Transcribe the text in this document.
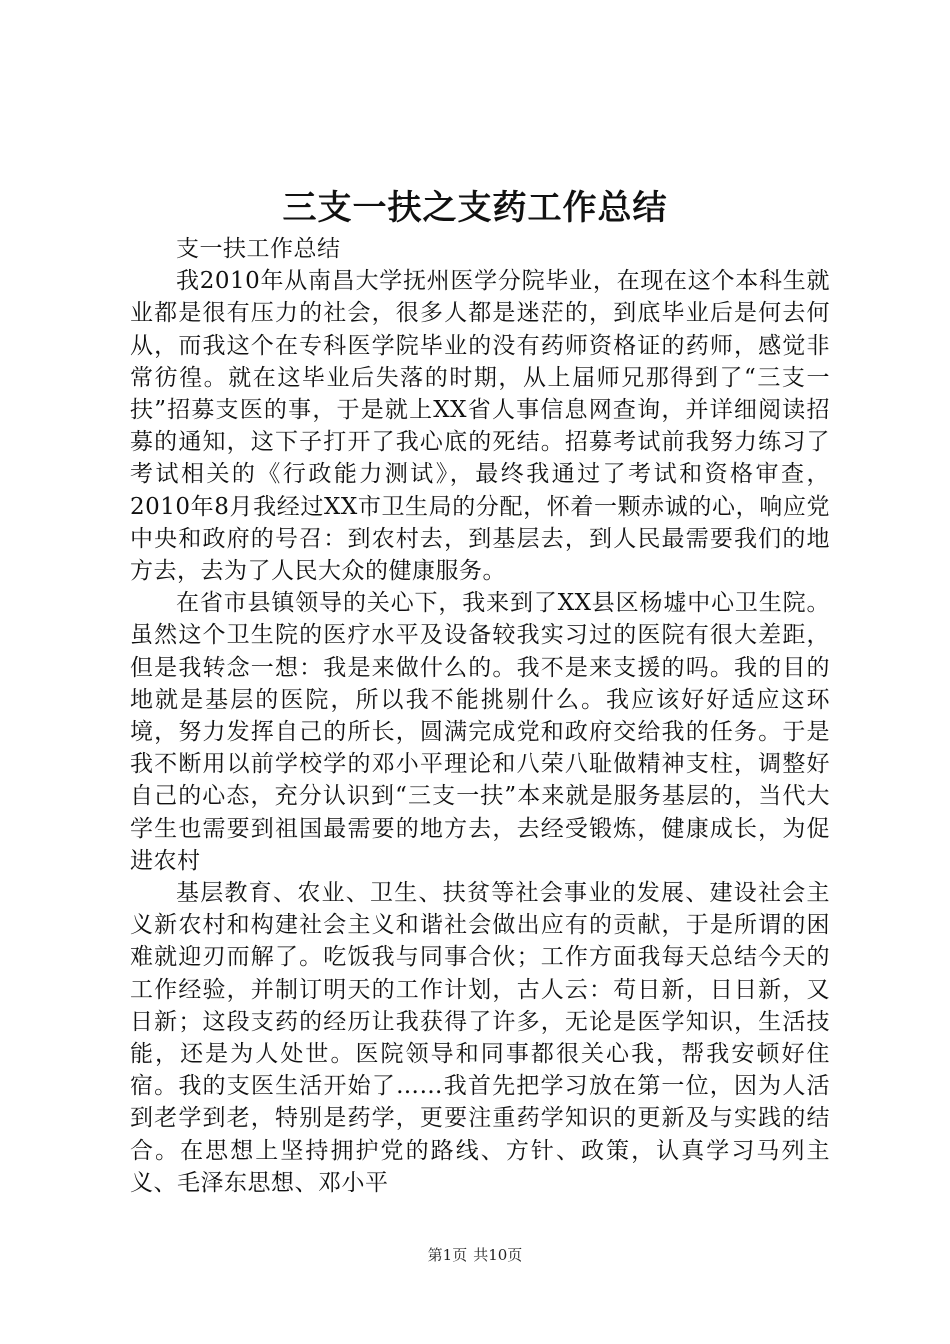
三支一扶之支药工作总结

支一扶工作总结

我2010年从南昌大学抚州医学分院毕业，在现在这个本科生就业都是很有压力的社会，很多人都是迷茫的，到底毕业后是何去何从，而我这个在专科医学院毕业的没有药师资格证的药师，感觉非常彷徨。就在这毕业后失落的时期，从上届师兄那得到了“三支一扶”招募支医的事，于是就上XX省人事信息网查询，并详细阅读招募的通知，这下子打开了我心底的死结。招募考试前我努力练习了考试相关的《行政能力测试》，最终我通过了考试和资格审查，2010年8月我经过XX市卫生局的分配，怀着一颗赤诚的心，响应党中央和政府的号召：到农村去，到基层去，到人民最需要我们的地方去，去为了人民大众的健康服务。

在省市县镇领导的关心下，我来到了XX县区杨墟中心卫生院。虽然这个卫生院的医疗水平及设备较我实习过的医院有很大差距，但是我转念一想：我是来做什么的。我不是来支援的吗。我的目的地就是基层的医院，所以我不能挑剔什么。我应该好好适应这环境，努力发挥自己的所长，圆满完成党和政府交给我的任务。于是我不断用以前学校学的邓小平理论和八荣八耻做精神支柱，调整好自己的心态，充分认识到“三支一扶”本来就是服务基层的，当代大学生也需要到祖国最需要的地方去，去经受锻炼，健康成长，为促进农村

基层教育、农业、卫生、扶贫等社会事业的发展、建设社会主义新农村和构建社会主义和谐社会做出应有的贡献，于是所谓的困难就迎刃而解了。吃饭我与同事合伙；工作方面我每天总结今天的工作经验，并制订明天的工作计划，古人云：苟日新，日日新，又日新；这段支药的经历让我获得了许多，无论是医学知识，生活技能，还是为人处世。医院领导和同事都很关心我，帮我安顿好住宿。我的支医生活开始了……我首先把学习放在第一位，因为人活到老学到老，特别是药学，更要注重药学知识的更新及与实践的结合。在思想上坚持拥护党的路线、方针、政策，认真学习马列主义、毛泽东思想、邓小平

第1页 共10页
